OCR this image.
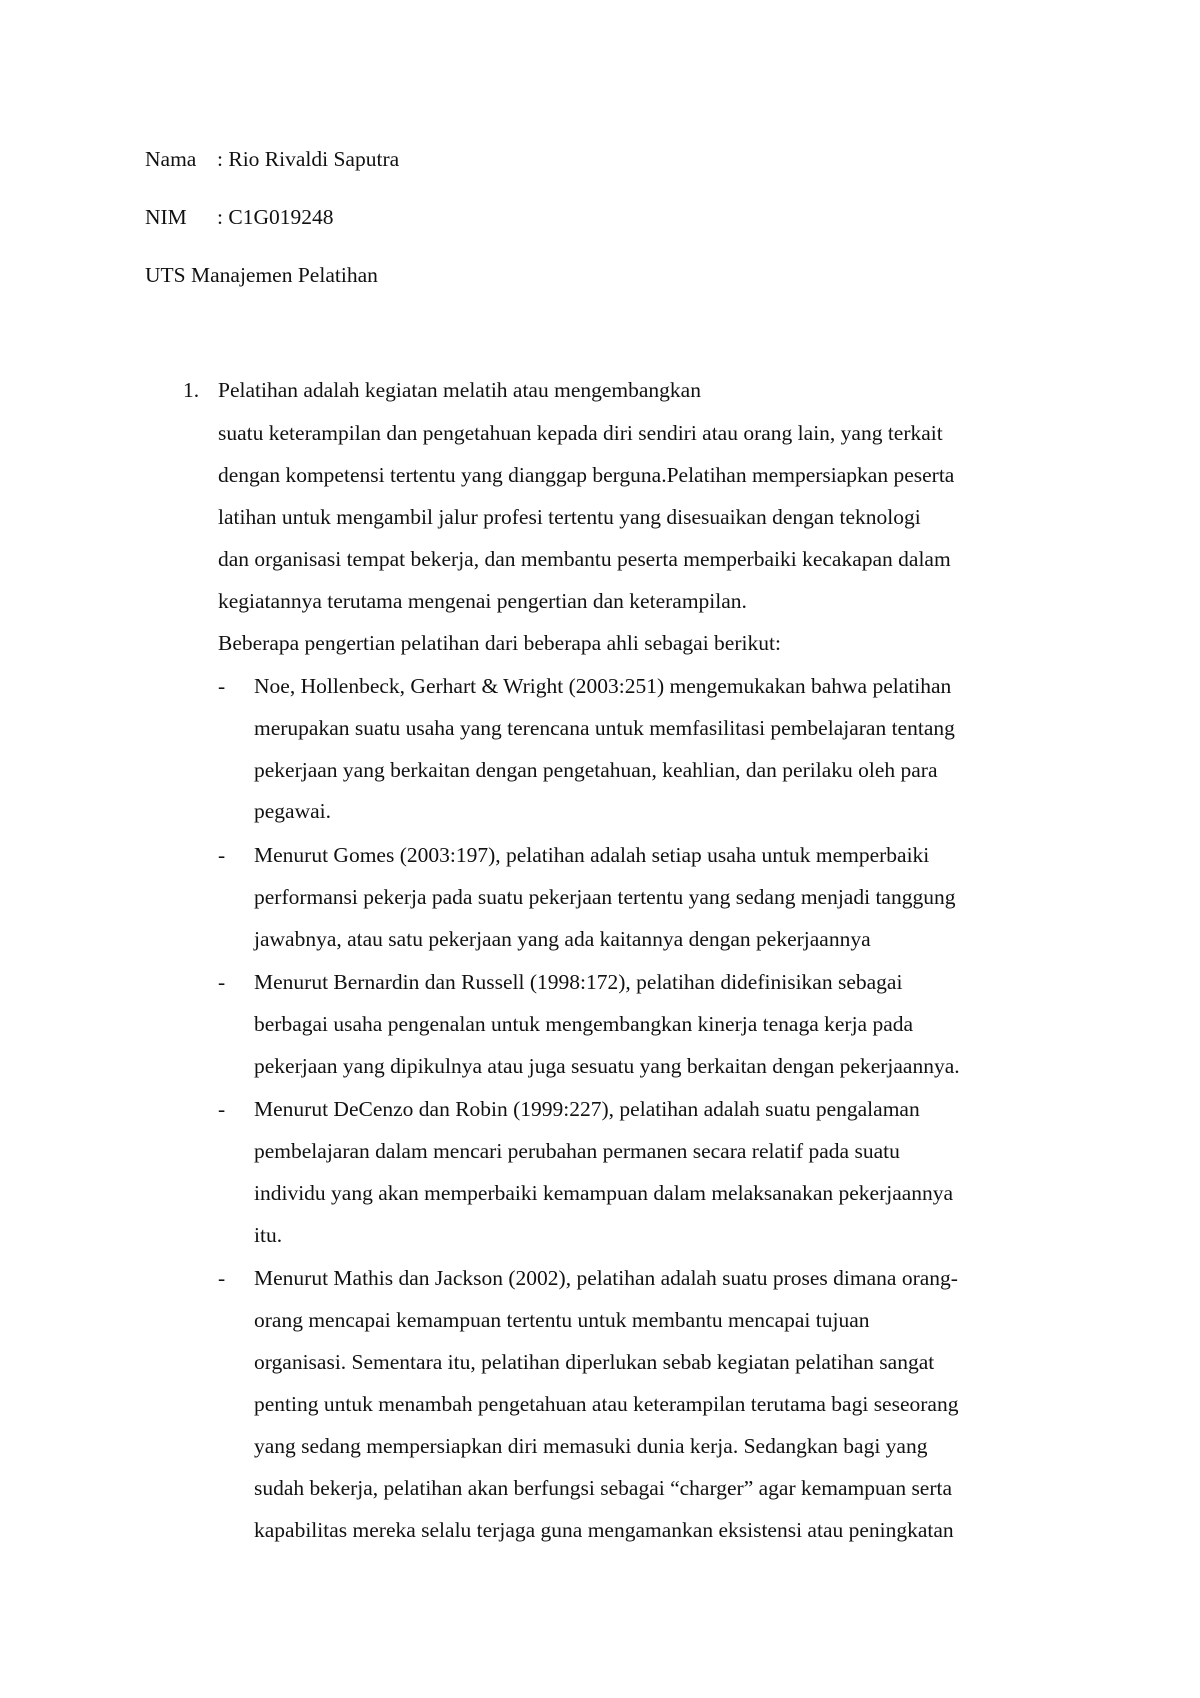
Nama : Rio Rivaldi Saputra
NIM : C1G019248
UTS Manajemen Pelatihan
1. Pelatihan adalah kegiatan melatih atau mengembangkan
suatu keterampilan dan pengetahuan kepada diri sendiri atau orang lain, yang terkait
dengan kompetensi tertentu yang dianggap berguna.Pelatihan mempersiapkan peserta
latihan untuk mengambil jalur profesi tertentu yang disesuaikan dengan teknologi
dan organisasi tempat bekerja, dan membantu peserta memperbaiki kecakapan dalam
kegiatannya terutama mengenai pengertian dan keterampilan.
Beberapa pengertian pelatihan dari beberapa ahli sebagai berikut:
- Noe, Hollenbeck, Gerhart & Wright (2003:251) mengemukakan bahwa pelatihan
merupakan suatu usaha yang terencana untuk memfasilitasi pembelajaran tentang
pekerjaan yang berkaitan dengan pengetahuan, keahlian, dan perilaku oleh para
pegawai.
- Menurut Gomes (2003:197), pelatihan adalah setiap usaha untuk memperbaiki
performansi pekerja pada suatu pekerjaan tertentu yang sedang menjadi tanggung
jawabnya, atau satu pekerjaan yang ada kaitannya dengan pekerjaannya
- Menurut Bernardin dan Russell (1998:172), pelatihan didefinisikan sebagai
berbagai usaha pengenalan untuk mengembangkan kinerja tenaga kerja pada
pekerjaan yang dipikulnya atau juga sesuatu yang berkaitan dengan pekerjaannya.
- Menurut DeCenzo dan Robin (1999:227), pelatihan adalah suatu pengalaman
pembelajaran dalam mencari perubahan permanen secara relatif pada suatu
individu yang akan memperbaiki kemampuan dalam melaksanakan pekerjaannya
itu.
- Menurut Mathis dan Jackson (2002), pelatihan adalah suatu proses dimana orang-
orang mencapai kemampuan tertentu untuk membantu mencapai tujuan
organisasi. Sementara itu, pelatihan diperlukan sebab kegiatan pelatihan sangat
penting untuk menambah pengetahuan atau keterampilan terutama bagi seseorang
yang sedang mempersiapkan diri memasuki dunia kerja. Sedangkan bagi yang
sudah bekerja, pelatihan akan berfungsi sebagai “charger” agar kemampuan serta
kapabilitas mereka selalu terjaga guna mengamankan eksistensi atau peningkatan
